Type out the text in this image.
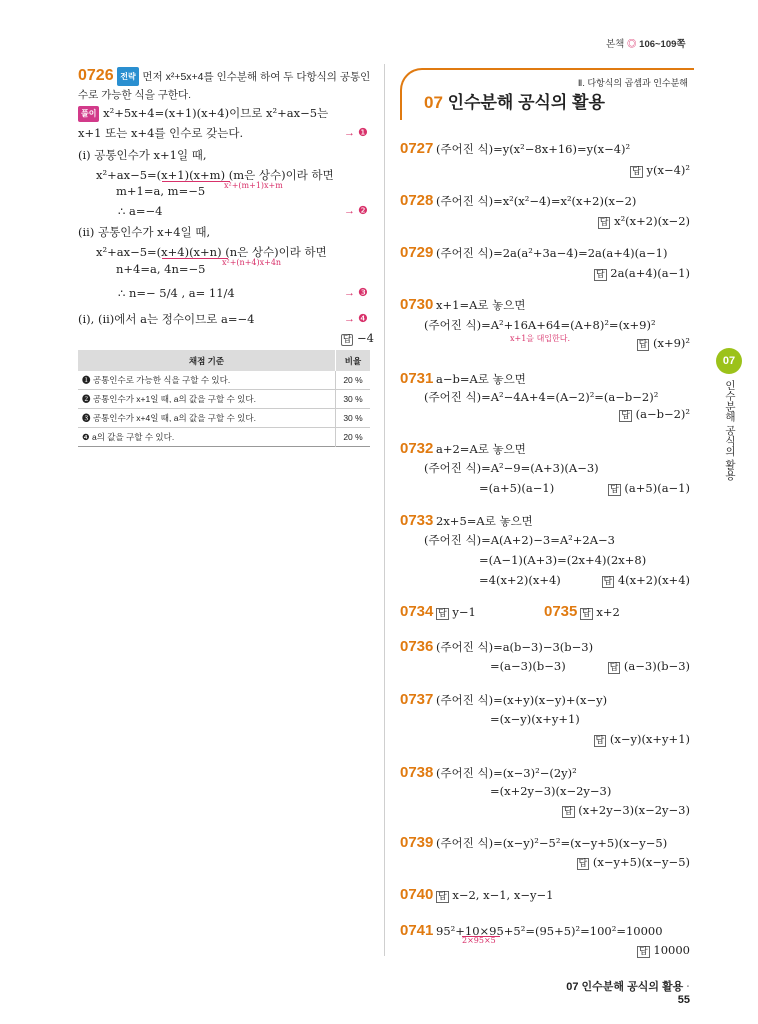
본책 ◎ 106~109쪽
0726 전략 먼저 x²+5x+4를 인수분해 하여 두 다항식의 공통인
수로 가능한 식을 구한다.
풀이 x²+5x+4=(x+1)(x+4)이므로 x²+ax−5는
x+1 또는 x+4를 인수로 갖는다.	→ ❶
(i) 공통인수가 x+1일 때,
x²+ax−5=(x+1)(x+m) (m은 상수)이라 하면
x²+(m+1)x+m
m+1=a, m=−5
∴ a=−4	→ ❷
(ii) 공통인수가 x+4일 때,
x²+ax−5=(x+4)(x+n) (n은 상수)이라 하면
x²+(n+4)x+4n
n+4=a, 4n=−5
∴ n=− 5/4 , a= 11/4	→ ❸
(i), (ii)에서 a는 정수이므로 a=−4	→ ❹
답 −4
채점 기준	비율
❶ 공통인수로 가능한 식을 구할 수 있다.	20 %
❷ 공통인수가 x+1일 때, a의 값을 구할 수 있다.	30 %
❸ 공통인수가 x+4일 때, a의 값을 구할 수 있다.	30 %
❹ a의 값을 구할 수 있다.	20 %
Ⅱ. 다항식의 곱셈과 인수분해
07 인수분해 공식의 활용
0727 (주어진 식)=y(x²−8x+16)=y(x−4)²
답 y(x−4)²
0728 (주어진 식)=x²(x²−4)=x²(x+2)(x−2)
답 x²(x+2)(x−2)
0729 (주어진 식)=2a(a²+3a−4)=2a(a+4)(a−1)
답 2a(a+4)(a−1)
0730 x+1=A로 놓으면
(주어진 식)=A²+16A+64=(A+8)²=(x+9)²
x+1을 대입한다.
답 (x+9)²
0731 a−b=A로 놓으면
(주어진 식)=A²−4A+4=(A−2)²=(a−b−2)²
답 (a−b−2)²
0732 a+2=A로 놓으면
(주어진 식)=A²−9=(A+3)(A−3)
=(a+5)(a−1)	답 (a+5)(a−1)
0733 2x+5=A로 놓으면
(주어진 식)=A(A+2)−3=A²+2A−3
=(A−1)(A+3)=(2x+4)(2x+8)
=4(x+2)(x+4)	답 4(x+2)(x+4)
0734 답 y−1	0735 답 x+2
0736 (주어진 식)=a(b−3)−3(b−3)
=(a−3)(b−3)	답 (a−3)(b−3)
0737 (주어진 식)=(x+y)(x−y)+(x−y)
=(x−y)(x+y+1)
답 (x−y)(x+y+1)
0738 (주어진 식)=(x−3)²−(2y)²
=(x+2y−3)(x−2y−3)
답 (x+2y−3)(x−2y−3)
0739 (주어진 식)=(x−y)²−5²=(x−y+5)(x−y−5)
답 (x−y+5)(x−y−5)
0740 답 x−2, x−1, x−y−1
0741 95²+10×95+5²=(95+5)²=100²=10000
2×95×5
답 10000
07
인수분해 공식의 활용
07 인수분해 공식의 활용 · 55
